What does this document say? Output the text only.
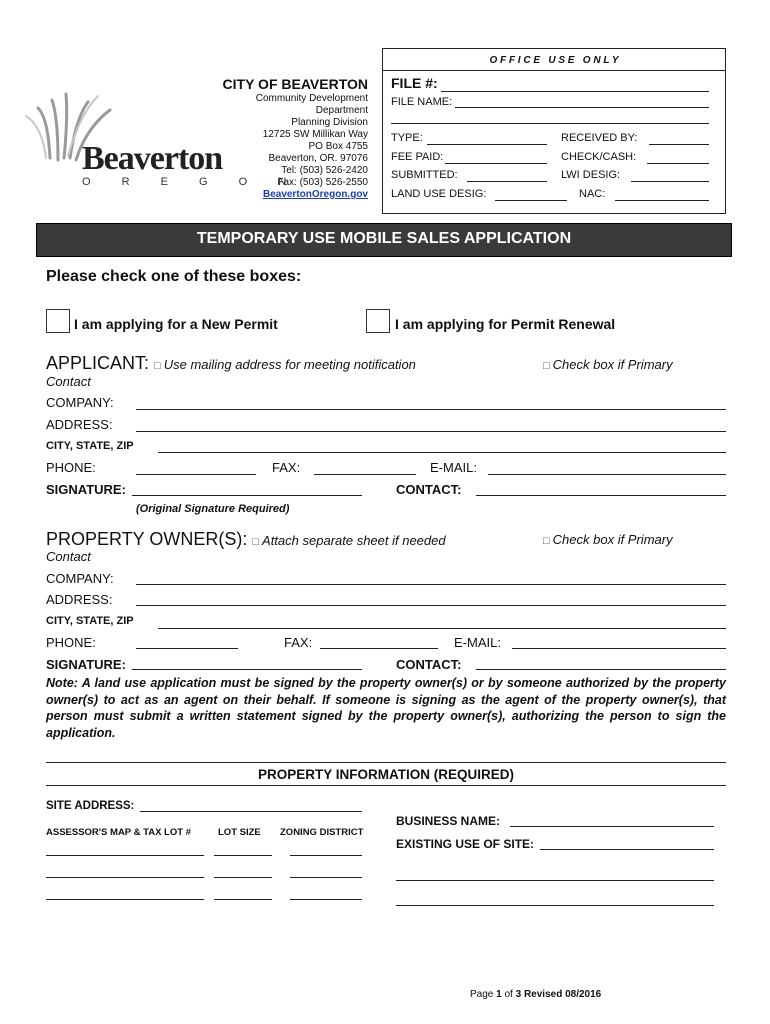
Beaverton
O R E G O N
CITY OF BEAVERTON
Community Development
Department
Planning Division
12725 SW Millikan Way
PO Box 4755
Beaverton, OR. 97076
Tel: (503) 526-2420
Fax: (503) 526-2550
BeavertonOregon.gov
O F F I C E   U S E   O N L Y
FILE #:
FILE NAME:
TYPE:	RECEIVED BY:
FEE PAID:	CHECK/CASH:
SUBMITTED:	LWI DESIG:
LAND USE DESIG:	NAC:
TEMPORARY USE MOBILE SALES APPLICATION
Please check one of these boxes:
I am applying for a New Permit	I am applying for Permit Renewal
APPLICANT: □ Use mailing address for meeting notification	□ Check box if Primary
Contact
COMPANY:
ADDRESS:
CITY, STATE, ZIP
PHONE:	FAX:	E-MAIL:
SIGNATURE:	CONTACT:
(Original Signature Required)
PROPERTY OWNER(S): □ Attach separate sheet if needed	□ Check box if Primary
Contact
COMPANY:
ADDRESS:
CITY, STATE, ZIP
PHONE:	FAX:	E-MAIL:
SIGNATURE:	CONTACT:
Note: A land use application must be signed by the property owner(s) or by someone authorized by the property owner(s) to act as an agent on their behalf. If someone is signing as the agent of the property owner(s), that person must submit a written statement signed by the property owner(s), authorizing the person to sign the application.
PROPERTY INFORMATION (REQUIRED)
SITE ADDRESS:
ASSESSOR'S MAP & TAX LOT #	LOT SIZE ZONING DISTRICT
BUSINESS NAME:
EXISTING USE OF SITE:
Page 1 of 3 Revised 08/2016
